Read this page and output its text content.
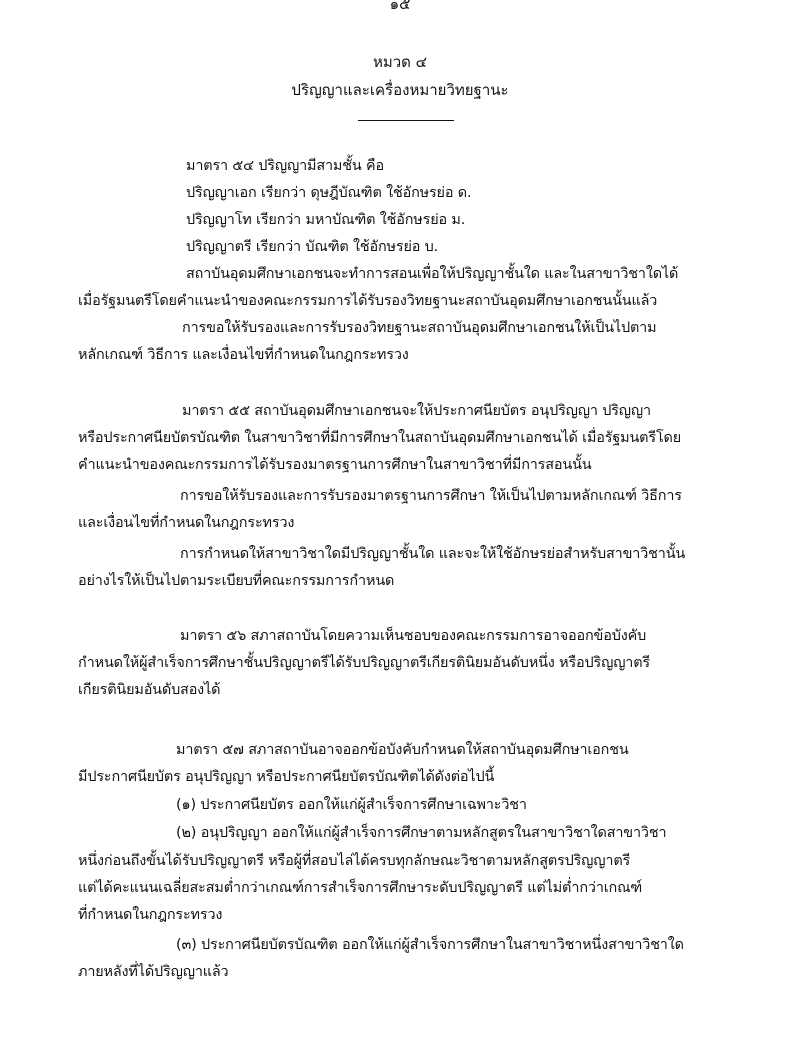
๑๕
หมวด ๔
ปริญญาและเครื่องหมายวิทยฐานะ
มาตรา ๕๔ ปริญญามีสามชั้น คือ
ปริญญาเอก เรียกว่า ดุษฎีบัณฑิต ใช้อักษรย่อ ด.
ปริญญาโท เรียกว่า มหาบัณฑิต ใช้อักษรย่อ ม.
ปริญญาตรี เรียกว่า บัณฑิต ใช้อักษรย่อ บ.
สถาบันอุดมศึกษาเอกชนจะทำการสอนเพื่อให้ปริญญาชั้นใด และในสาขาวิชาใดได้
เมื่อรัฐมนตรีโดยคำแนะนำของคณะกรรมการได้รับรองวิทยฐานะสถาบันอุดมศึกษาเอกชนนั้นแล้ว
การขอให้รับรองและการรับรองวิทยฐานะสถาบันอุดมศึกษาเอกชนให้เป็นไปตาม
หลักเกณฑ์ วิธีการ และเงื่อนไขที่กำหนดในกฎกระทรวง
มาตรา ๕๕ สถาบันอุดมศึกษาเอกชนจะให้ประกาศนียบัตร อนุปริญญา ปริญญา
หรือประกาศนียบัตรบัณฑิต ในสาขาวิชาที่มีการศึกษาในสถาบันอุดมศึกษาเอกชนได้ เมื่อรัฐมนตรีโดย
คำแนะนำของคณะกรรมการได้รับรองมาตรฐานการศึกษาในสาขาวิชาที่มีการสอนนั้น
การขอให้รับรองและการรับรองมาตรฐานการศึกษา ให้เป็นไปตามหลักเกณฑ์ วิธีการ
และเงื่อนไขที่กำหนดในกฎกระทรวง
การกำหนดให้สาขาวิชาใดมีปริญญาชั้นใด และจะให้ใช้อักษรย่อสำหรับสาขาวิชานั้น
อย่างไรให้เป็นไปตามระเบียบที่คณะกรรมการกำหนด
มาตรา ๕๖ สภาสถาบันโดยความเห็นชอบของคณะกรรมการอาจออกข้อบังคับ
กำหนดให้ผู้สำเร็จการศึกษาชั้นปริญญาตรีได้รับปริญญาตรีเกียรตินิยมอันดับหนึ่ง หรือปริญญาตรี
เกียรตินิยมอันดับสองได้
มาตรา ๕๗ สภาสถาบันอาจออกข้อบังคับกำหนดให้สถาบันอุดมศึกษาเอกชน
มีประกาศนียบัตร อนุปริญญา หรือประกาศนียบัตรบัณฑิตได้ดังต่อไปนี้
(๑) ประกาศนียบัตร ออกให้แก่ผู้สำเร็จการศึกษาเฉพาะวิชา
(๒) อนุปริญญา ออกให้แก่ผู้สำเร็จการศึกษาตามหลักสูตรในสาขาวิชาใดสาขาวิชา
หนึ่งก่อนถึงขั้นได้รับปริญญาตรี หรือผู้ที่สอบไล่ได้ครบทุกลักษณะวิชาตามหลักสูตรปริญญาตรี
แต่ได้คะแนนเฉลี่ยสะสมต่ำกว่าเกณฑ์การสำเร็จการศึกษาระดับปริญญาตรี แต่ไม่ต่ำกว่าเกณฑ์
ที่กำหนดในกฎกระทรวง
(๓) ประกาศนียบัตรบัณฑิต ออกให้แก่ผู้สำเร็จการศึกษาในสาขาวิชาหนึ่งสาขาวิชาใด
ภายหลังที่ได้ปริญญาแล้ว
